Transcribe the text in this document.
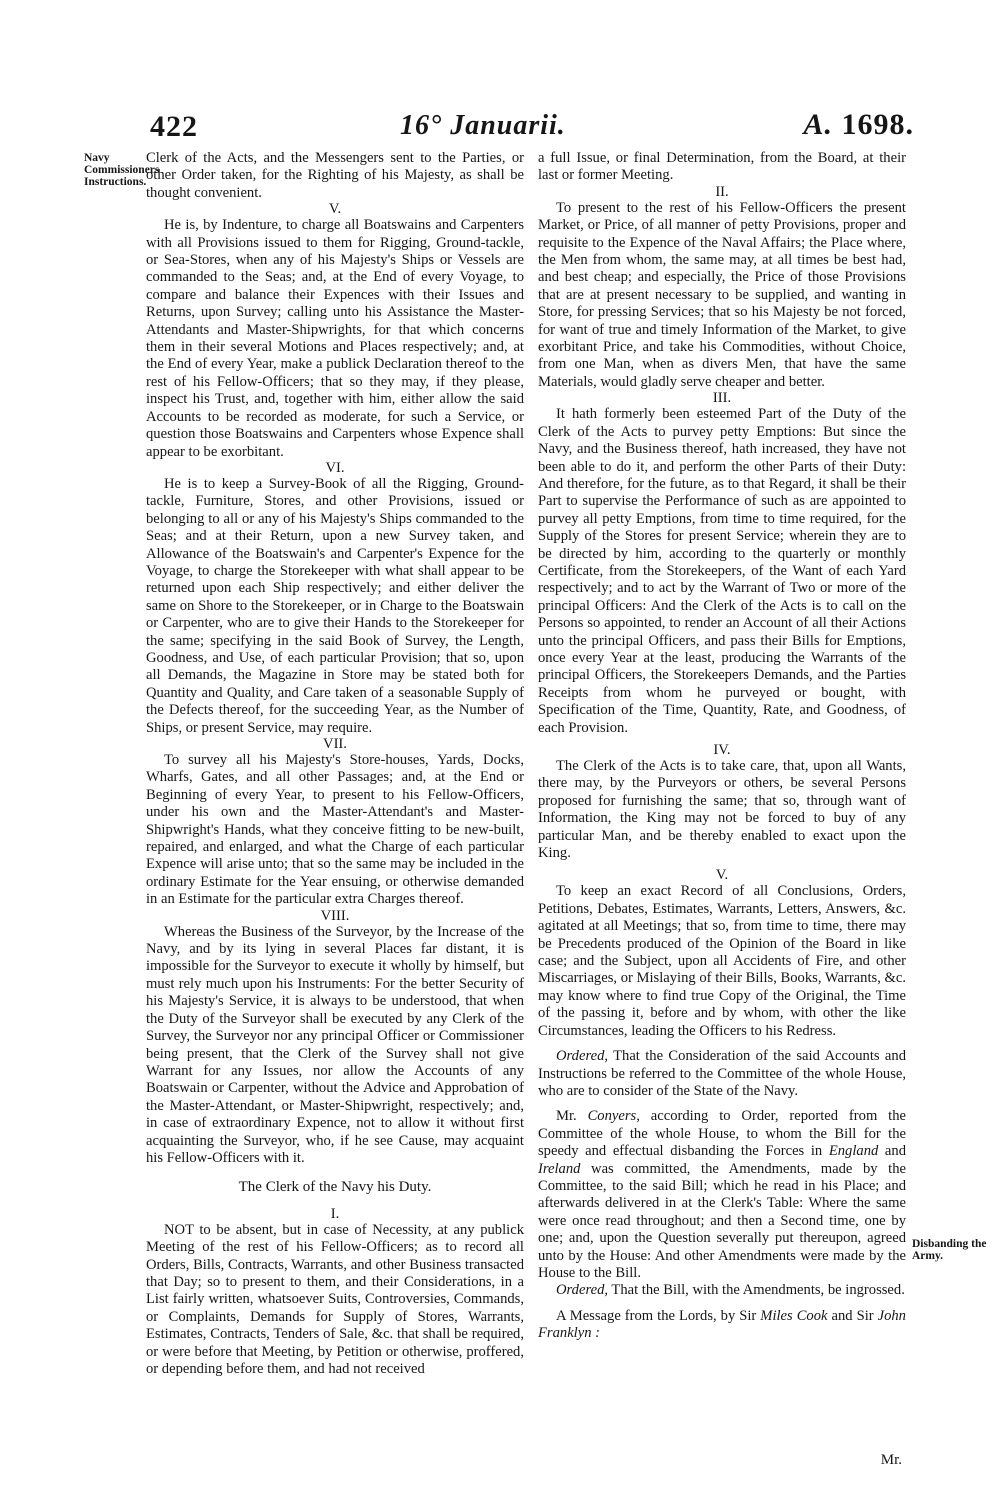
422	16° Januarii.	A. 1698.
Navy Commissioners Instructions.
Disbanding the Army.

Clerk of the Acts, and the Messengers sent to the Parties, or other Order taken, for the Righting of his Majesty, as shall be thought convenient.

V.

He is, by Indenture, to charge all Boatswains and Carpenters with all Provisions issued to them for Rigging, Ground-tackle, or Sea-Stores, when any of his Majesty's Ships or Vessels are commanded to the Seas; and, at the End of every Voyage, to compare and balance their Expences with their Issues and Returns, upon Survey; calling unto his Assistance the Master-Attendants and Master-Shipwrights, for that which concerns them in their several Motions and Places respectively; and, at the End of every Year, make a publick Declaration thereof to the rest of his Fellow-Officers; that so they may, if they please, inspect his Trust, and, together with him, either allow the said Accounts to be recorded as moderate, for such a Service, or question those Boatswains and Carpenters whose Expence shall appear to be exorbitant.

VI.

He is to keep a Survey-Book of all the Rigging, Ground-tackle, Furniture, Stores, and other Provisions, issued or belonging to all or any of his Majesty's Ships commanded to the Seas; and at their Return, upon a new Survey taken, and Allowance of the Boatswain's and Carpenter's Expence for the Voyage, to charge the Storekeeper with what shall appear to be returned upon each Ship respectively; and either deliver the same on Shore to the Storekeeper, or in Charge to the Boatswain or Carpenter, who are to give their Hands to the Storekeeper for the same; specifying in the said Book of Survey, the Length, Goodness, and Use, of each particular Provision; that so, upon all Demands, the Magazine in Store may be stated both for Quantity and Quality, and Care taken of a seasonable Supply of the Defects thereof, for the succeeding Year, as the Number of Ships, or present Service, may require.

VII.

To survey all his Majesty's Store-houses, Yards, Docks, Wharfs, Gates, and all other Passages; and, at the End or Beginning of every Year, to present to his Fellow-Officers, under his own and the Master-Attendant's and Master-Shipwright's Hands, what they conceive fitting to be new-built, repaired, and enlarged, and what the Charge of each particular Expence will arise unto; that so the same may be included in the ordinary Estimate for the Year ensuing, or otherwise demanded in an Estimate for the particular extra Charges thereof.

VIII.

Whereas the Business of the Surveyor, by the Increase of the Navy, and by its lying in several Places far distant, it is impossible for the Surveyor to execute it wholly by himself, but must rely much upon his Instruments: For the better Security of his Majesty's Service, it is always to be understood, that when the Duty of the Surveyor shall be executed by any Clerk of the Survey, the Surveyor nor any principal Officer or Commissioner being present, that the Clerk of the Survey shall not give Warrant for any Issues, nor allow the Accounts of any Boatswain or Carpenter, without the Advice and Approbation of the Master-Attendant, or Master-Shipwright, respectively; and, in case of extraordinary Expence, not to allow it without first acquainting the Surveyor, who, if he see Cause, may acquaint his Fellow-Officers with it.

The Clerk of the Navy his Duty.
I.

NOT to be absent, but in case of Necessity, at any publick Meeting of the rest of his Fellow-Officers; as to record all Orders, Bills, Contracts, Warrants, and other Business transacted that Day; so to present to them, and their Considerations, in a List fairly written, whatsoever Suits, Controversies, Commands, or Complaints, Demands for Supply of Stores, Warrants, Estimates, Contracts, Tenders of Sale, &c. that shall be required, or were before that Meeting, by Petition or otherwise, proffered, or depending before them, and had not received

a full Issue, or final Determination, from the Board, at their last or former Meeting.

II.

To present to the rest of his Fellow-Officers the present Market, or Price, of all manner of petty Provisions, proper and requisite to the Expence of the Naval Affairs; the Place where, the Men from whom, the same may, at all times be best had, and best cheap; and especially, the Price of those Provisions that are at present necessary to be supplied, and wanting in Store, for pressing Services; that so his Majesty be not forced, for want of true and timely Information of the Market, to give exorbitant Price, and take his Commodities, without Choice, from one Man, when as divers Men, that have the same Materials, would gladly serve cheaper and better.

III.

It hath formerly been esteemed Part of the Duty of the Clerk of the Acts to purvey petty Emptions: But since the Navy, and the Business thereof, hath increased, they have not been able to do it, and perform the other Parts of their Duty: And therefore, for the future, as to that Regard, it shall be their Part to supervise the Performance of such as are appointed to purvey all petty Emptions, from time to time required, for the Supply of the Stores for present Service; wherein they are to be directed by him, according to the quarterly or monthly Certificate, from the Storekeepers, of the Want of each Yard respectively; and to act by the Warrant of Two or more of the principal Officers: And the Clerk of the Acts is to call on the Persons so appointed, to render an Account of all their Actions unto the principal Officers, and pass their Bills for Emptions, once every Year at the least, producing the Warrants of the principal Officers, the Storekeepers Demands, and the Parties Receipts from whom he purveyed or bought, with Specification of the Time, Quantity, Rate, and Goodness, of each Provision.

IV.

The Clerk of the Acts is to take care, that, upon all Wants, there may, by the Purveyors or others, be several Persons proposed for furnishing the same; that so, through want of Information, the King may not be forced to buy of any particular Man, and be thereby enabled to exact upon the King.

V.

To keep an exact Record of all Conclusions, Orders, Petitions, Debates, Estimates, Warrants, Letters, Answers, &c. agitated at all Meetings; that so, from time to time, there may be Precedents produced of the Opinion of the Board in like case; and the Subject, upon all Accidents of Fire, and other Miscarriages, or Mislaying of their Bills, Books, Warrants, &c. may know where to find true Copy of the Original, the Time of the passing it, before and by whom, with other the like Circumstances, leading the Officers to his Redress.

Ordered, That the Consideration of the said Accounts and Instructions be referred to the Committee of the whole House, who are to consider of the State of the Navy.

Mr. Conyers, according to Order, reported from the Committee of the whole House, to whom the Bill for the speedy and effectual disbanding the Forces in England and Ireland was committed, the Amendments, made by the Committee, to the said Bill; which he read in his Place; and afterwards delivered in at the Clerk's Table: Where the same were once read throughout; and then a Second time, one by one; and, upon the Question severally put thereupon, agreed unto by the House: And other Amendments were made by the House to the Bill.

Ordered, That the Bill, with the Amendments, be ingrossed.

A Message from the Lords, by Sir Miles Cook and Sir John Franklyn :

Mr.
